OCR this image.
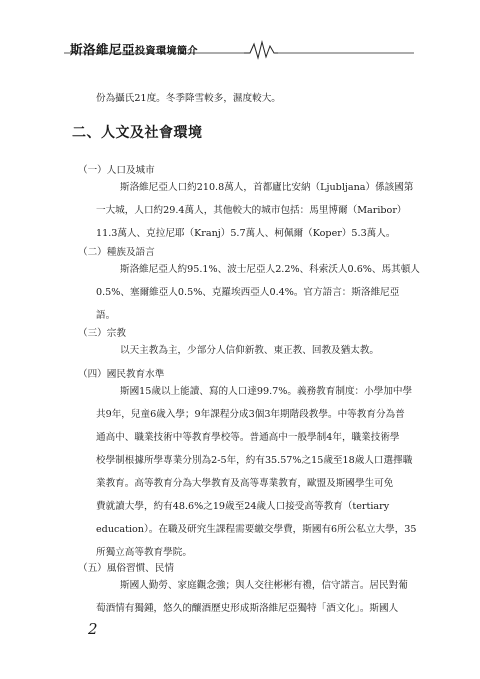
斯洛維尼亞投資環境簡介
份為攝氏21度。冬季降雪較多，濕度較大。
二、人文及社會環境
（一）人口及城市
斯洛維尼亞人口約210.8萬人，首都廬比安納（Ljubljana）係該國第
一大城，人口約29.4萬人，其他較大的城市包括：馬里博爾（Maribor）
11.3萬人、克拉尼耶（Kranj）5.7萬人、柯佩爾（Koper）5.3萬人。
（二）種族及語言
斯洛維尼亞人約95.1%、波士尼亞人2.2%、科索沃人0.6%、馬其頓人
0.5%、塞爾維亞人0.5%、克羅埃西亞人0.4%。官方語言：斯洛維尼亞
語。
（三）宗教
以天主教為主，少部分人信仰新教、東正教、回教及猶太教。
（四）國民教育水準
斯國15歲以上能讀、寫的人口達99.7%。義務教育制度：小學加中學
共9年，兒童6歲入學；9年課程分成3個3年期階段教學。中等教育分為普
通高中、職業技術中等教育學校等。普通高中一般學制4年，職業技術學
校學制根據所學專業分別為2-5年，約有35.57%之15歲至18歲人口選擇職
業教育。高等教育分為大學教育及高等專業教育，歐盟及斯國學生可免
費就讀大學，約有48.6%之19歲至24歲人口接受高等教育（tertiary
education）。在職及研究生課程需要繳交學費，斯國有6所公私立大學，35
所獨立高等教育學院。
（五）風俗習慣、民情
斯國人勤勞、家庭觀念強；與人交往彬彬有禮，信守諾言。居民對葡
萄酒情有獨鍾，悠久的釀酒歷史形成斯洛維尼亞獨特「酒文化」。斯國人
2
